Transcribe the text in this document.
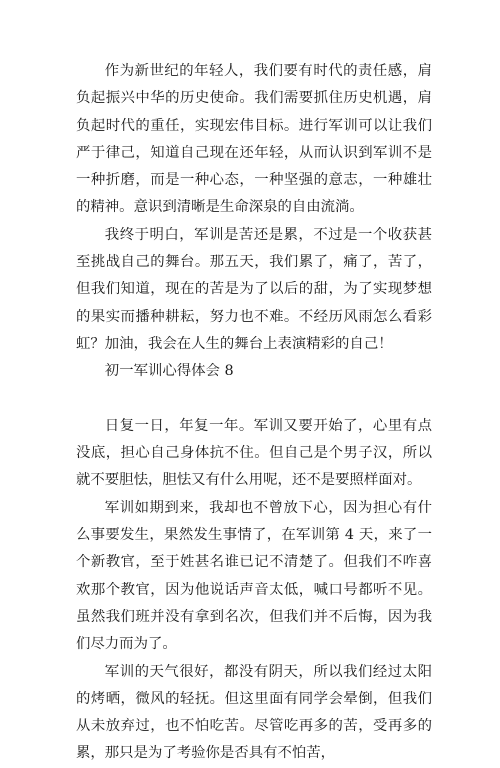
作为新世纪的年轻人，我们要有时代的责任感，肩负起振兴中华的历史使命。我们需要抓住历史机遇，肩负起时代的重任，实现宏伟目标。进行军训可以让我们严于律己，知道自己现在还年轻，从而认识到军训不是一种折磨，而是一种心态，一种坚强的意志，一种雄壮的精神。意识到清晰是生命深泉的自由流淌。

我终于明白，军训是苦还是累，不过是一个收获甚至挑战自己的舞台。那五天，我们累了，痛了，苦了，但我们知道，现在的苦是为了以后的甜，为了实现梦想的果实而播种耕耘，努力也不难。不经历风雨怎么看彩虹？加油，我会在人生的舞台上表演精彩的自己！

初一军训心得体会 8

日复一日，年复一年。军训又要开始了，心里有点没底，担心自己身体抗不住。但自己是个男子汉，所以就不要胆怯，胆怯又有什么用呢，还不是要照样面对。

军训如期到来，我却也不曾放下心，因为担心有什么事要发生，果然发生事情了，在军训第 4 天，来了一个新教官，至于姓甚名谁已记不清楚了。但我们不咋喜欢那个教官，因为他说话声音太低，喊口号都听不见。虽然我们班并没有拿到名次，但我们并不后悔，因为我们尽力而为了。

军训的天气很好，都没有阴天，所以我们经过太阳的烤晒，微风的轻抚。但这里面有同学会晕倒，但我们从未放弃过，也不怕吃苦。尽管吃再多的苦，受再多的累，那只是为了考验你是否具有不怕苦，
